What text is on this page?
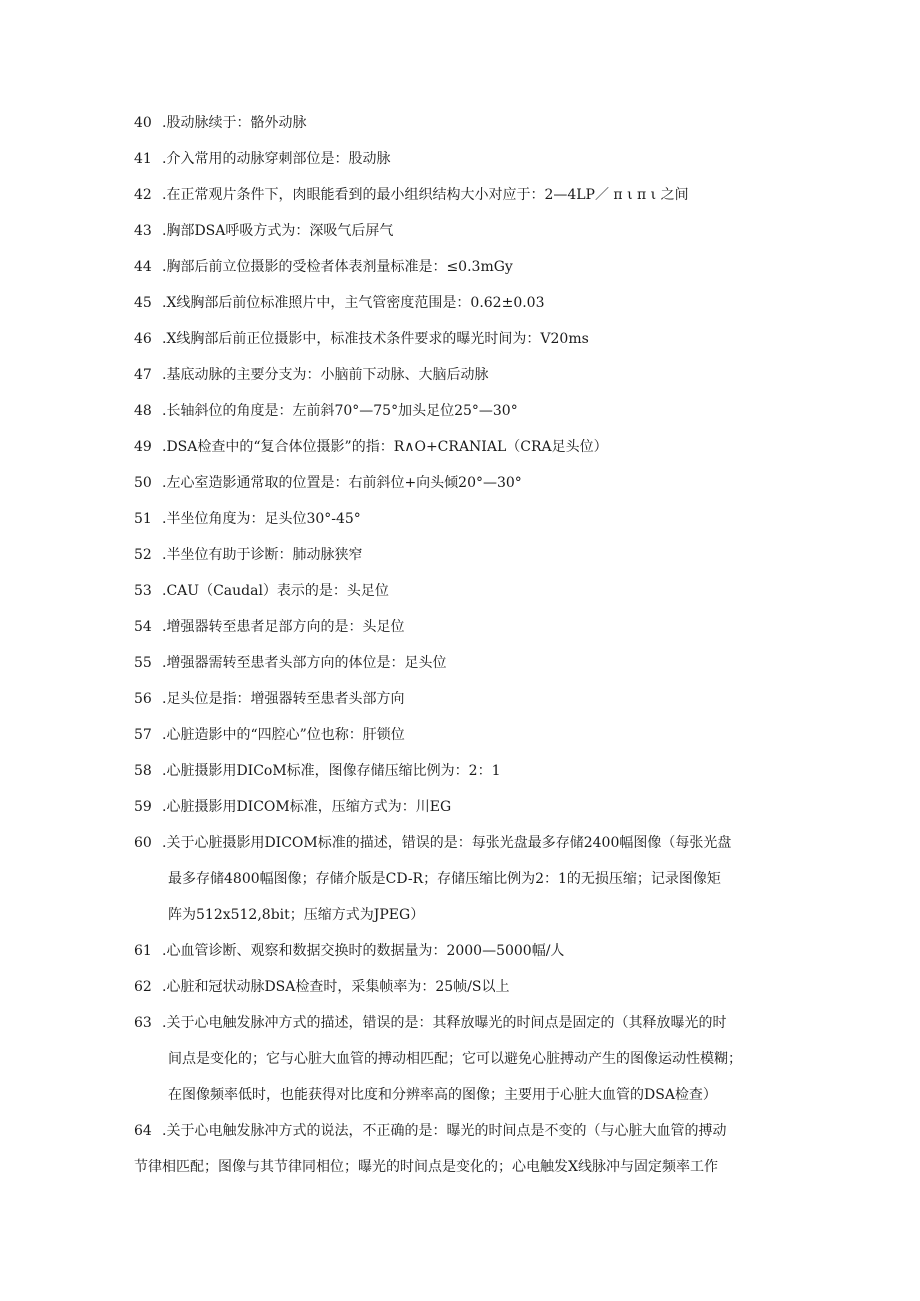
40 .股动脉续于：骼外动脉
41 .介入常用的动脉穿刺部位是：股动脉
42 .在正常观片条件下，肉眼能看到的最小组织结构大小对应于：2—4LP／ π ι π ι 之间
43 .胸部DSA呼吸方式为：深吸气后屏气
44 .胸部后前立位摄影的受检者体表剂量标准是：≤0.3mGy
45 .X线胸部后前位标准照片中，主气管密度范围是：0.62±0.03
46 .X线胸部后前正位摄影中，标准技术条件要求的曝光时间为：V20ms
47 .基底动脉的主要分支为：小脑前下动脉、大脑后动脉
48 .长轴斜位的角度是：左前斜70°—75°加头足位25°—30°
49 .DSA检查中的“复合体位摄影”的指：R∧O+CRANIAL（CRA足头位）
50 .左心室造影通常取的位置是：右前斜位+向头倾20°—30°
51 .半坐位角度为：足头位30°-45°
52 .半坐位有助于诊断：肺动脉狭窄
53 .CAU（Caudal）表示的是：头足位
54 .增强器转至患者足部方向的是：头足位
55 .增强器需转至患者头部方向的体位是：足头位
56 .足头位是指：增强器转至患者头部方向
57 .心脏造影中的“四腔心”位也称：肝锁位
58 .心脏摄影用DICoM标准，图像存储压缩比例为：2：1
59 .心脏摄影用DICOM标准，压缩方式为：川EG
60 .关于心脏摄影用DICOM标准的描述，错误的是：每张光盘最多存储2400幅图像（每张光盘
最多存储4800幅图像；存储介版是CD-R；存储压缩比例为2：1的无损压缩；记录图像矩
阵为512x512,8bit；压缩方式为JPEG）
61 .心血管诊断、观察和数据交换时的数据量为：2000—5000幅/人
62 .心脏和冠状动脉DSA检查时，采集帧率为：25帧/S以上
63 .关于心电触发脉冲方式的描述，错误的是：其释放曝光的时间点是固定的（其释放曝光的时
间点是变化的；它与心脏大血管的搏动相匹配；它可以避免心脏搏动产生的图像运动性模糊；
在图像频率低时，也能获得对比度和分辨率高的图像；主要用于心脏大血管的DSA检查）
64 .关于心电触发脉冲方式的说法，不正确的是：曝光的时间点是不变的（与心脏大血管的搏动
节律相匹配；图像与其节律同相位；曝光的时间点是变化的；心电触发X线脉冲与固定频率工作
